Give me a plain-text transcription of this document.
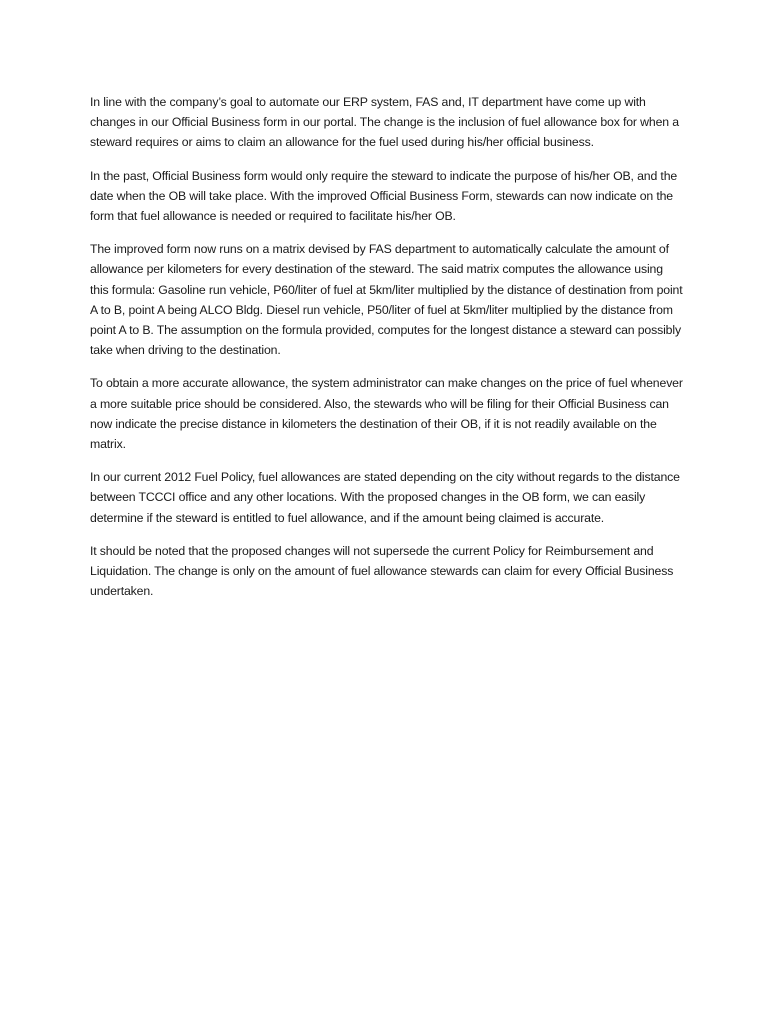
In line with the company’s goal to automate our ERP system, FAS and, IT department have come up with changes in our Official Business form in our portal. The change is the inclusion of fuel allowance box for when a steward requires or aims to claim an allowance for the fuel used during his/her official business.

In the past, Official Business form would only require the steward to indicate the purpose of his/her OB, and the date when the OB will take place. With the improved Official Business Form, stewards can now indicate on the form that fuel allowance is needed or required to facilitate his/her OB.

The improved form now runs on a matrix devised by FAS department to automatically calculate the amount of allowance per kilometers for every destination of the steward. The said matrix computes the allowance using this formula: Gasoline run vehicle, P60/liter of fuel at 5km/liter multiplied by the distance of destination from point A to B, point A being ALCO Bldg. Diesel run vehicle, P50/liter of fuel at 5km/liter multiplied by the distance from point A to B. The assumption on the formula provided, computes for the longest distance a steward can possibly take when driving to the destination.

To obtain a more accurate allowance, the system administrator can make changes on the price of fuel whenever a more suitable price should be considered. Also, the stewards who will be filing for their Official Business can now indicate the precise distance in kilometers the destination of their OB, if it is not readily available on the matrix.

In our current 2012 Fuel Policy, fuel allowances are stated depending on the city without regards to the distance between TCCCI office and any other locations. With the proposed changes in the OB form, we can easily determine if the steward is entitled to fuel allowance, and if the amount being claimed is accurate.

It should be noted that the proposed changes will not supersede the current Policy for Reimbursement and Liquidation. The change is only on the amount of fuel allowance stewards can claim for every Official Business undertaken.
